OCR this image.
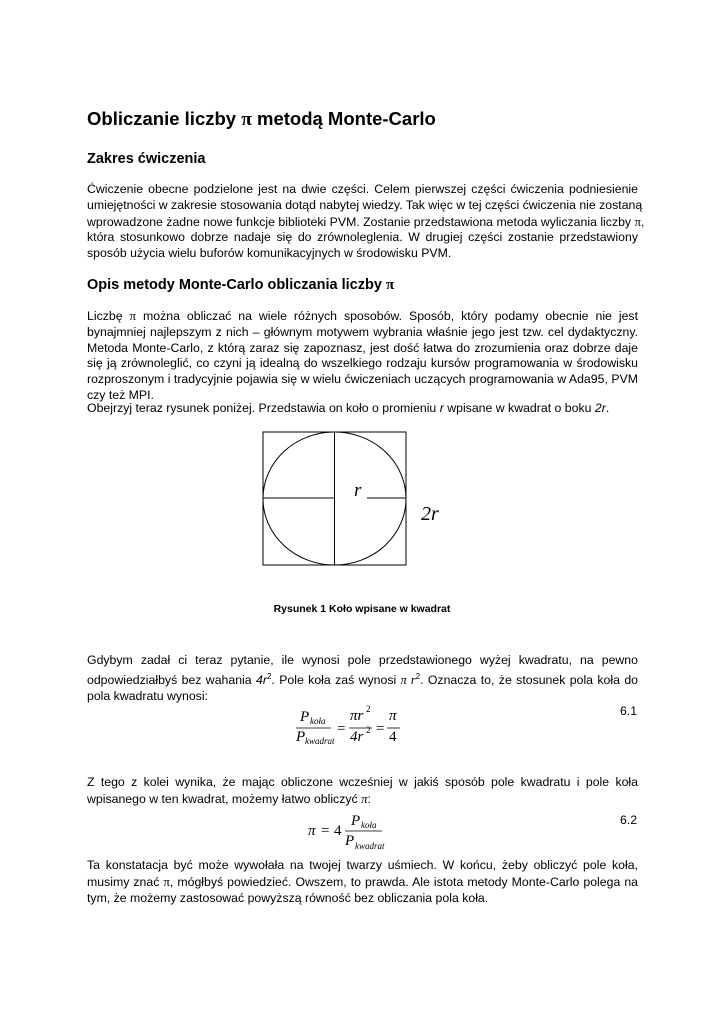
Obliczanie liczby π metodą Monte-Carlo
Zakres ćwiczenia
Ćwiczenie obecne podzielone jest na dwie części. Celem pierwszej części ćwiczenia podniesienie
umiejętności w zakresie stosowania dotąd nabytej wiedzy. Tak więc w tej części ćwiczenia nie zostaną
wprowadzone żadne nowe funkcje biblioteki PVM. Zostanie przedstawiona metoda wyliczania liczby π,
która stosunkowo dobrze nadaje się do zrównoleglenia. W drugiej części zostanie przedstawiony
sposób użycia wielu buforów komunikacyjnych w środowisku PVM.
Opis metody Monte-Carlo obliczania liczby π
Liczbę π można obliczać na wiele różnych sposobów. Sposób, który podamy obecnie nie jest
bynajmniej najlepszym z nich – głównym motywem wybrania właśnie jego jest tzw. cel dydaktyczny.
Metoda Monte-Carlo, z którą zaraz się zapoznasz, jest dość łatwa do zrozumienia oraz dobrze daje
się ją zrównoleglić, co czyni ją idealną do wszelkiego rodzaju kursów programowania w środowisku
rozproszonym i tradycyjnie pojawia się w wielu ćwiczeniach uczących programowania w Ada95, PVM
czy też MPI.
Obejrzyj teraz rysunek poniżej. Przedstawia on koło o promieniu r wpisane w kwadrat o boku 2r.
r
2r
Rysunek 1 Koło wpisane w kwadrat
Gdybym zadał ci teraz pytanie, ile wynosi pole przedstawionego wyżej kwadratu, na pewno
odpowiedziałbyś bez wahania $4r^2$. Pole koła zaś wynosi π $r^2$. Oznacza to, że stosunek pola koła do
pola kwadratu wynosi:
6.1
P koła
P kwadrat
=
πr 2
4r 2 =
π
4
Z tego z kolei wynika, że mając obliczone wcześniej w jakiś sposób pole kwadratu i pole koła
wpisanego w ten kwadrat, możemy łatwo obliczyć π:
6.2
π = 4
P koła
P kwadrat
Ta konstatacja być może wywołała na twojej twarzy uśmiech. W końcu, żeby obliczyć pole koła,
musimy znać π, mógłbyś powiedzieć. Owszem, to prawda. Ale istota metody Monte-Carlo polega na
tym, że możemy zastosować powyższą równość bez obliczania pola koła.
